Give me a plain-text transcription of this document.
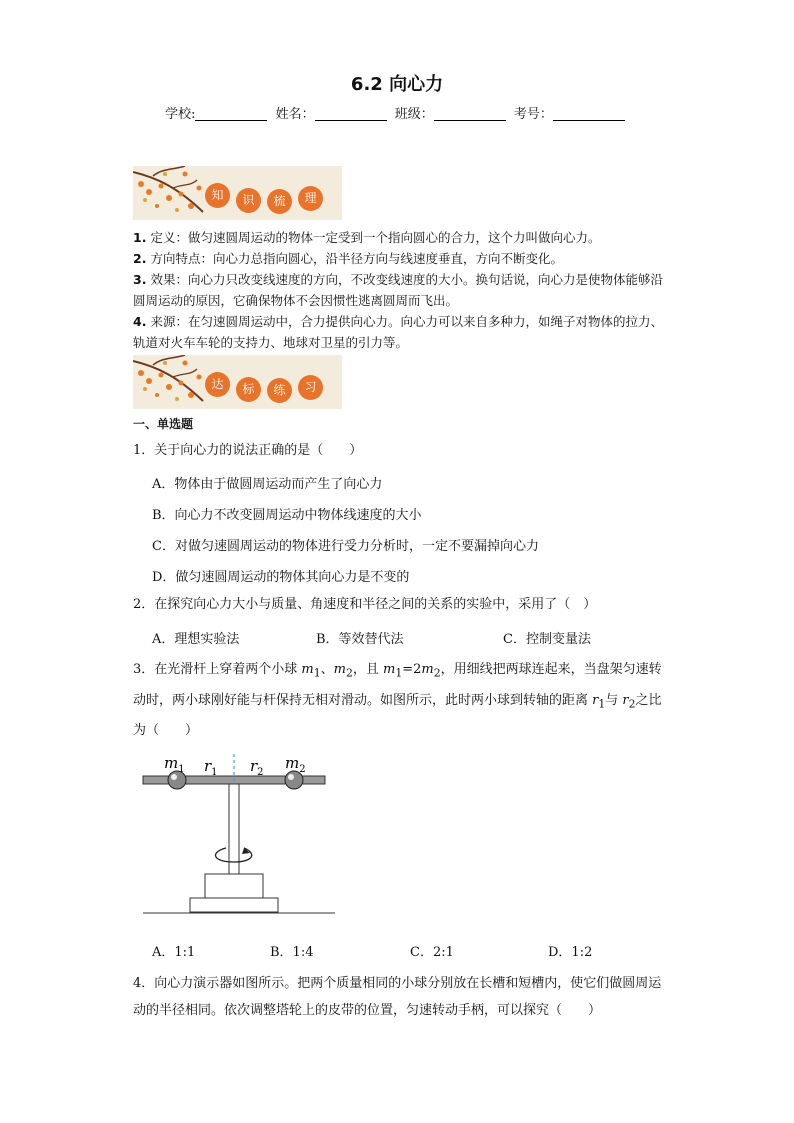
6.2 向心力
学校:	姓名：	班级：	考号：
知	识	梳	理
1. 定义：做匀速圆周运动的物体一定受到一个指向圆心的合力，这个力叫做向心力。
2. 方向特点：向心力总指向圆心，沿半径方向与线速度垂直，方向不断变化。
3. 效果：向心力只改变线速度的方向，不改变线速度的大小。换句话说，向心力是使物体能够沿圆周运动的原因，它确保物体不会因惯性逃离圆周而飞出。
4. 来源：在匀速圆周运动中，合力提供向心力。向心力可以来自多种力，如绳子对物体的拉力、轨道对火车车轮的支持力、地球对卫星的引力等。
达	标	练	习
一、单选题
1．关于向心力的说法正确的是（　　）
A．物体由于做圆周运动而产生了向心力
B．向心力不改变圆周运动中物体线速度的大小
C．对做匀速圆周运动的物体进行受力分析时，一定不要漏掉向心力
D．做匀速圆周运动的物体其向心力是不变的
2．在探究向心力大小与质量、角速度和半径之间的关系的实验中，采用了（　）
A．理想实验法	B．等效替代法	C．控制变量法
3．在光滑杆上穿着两个小球 $m_1$、$m_2$，且 $m_1=2m_2$，用细线把两球连起来，当盘架匀速转动时，两小球刚好能与杆保持无相对滑动。如图所示，此时两小球到转轴的距离 $r_1$与 $r_2$之比为（　　）
$m_1$ $r_1$ $r_2$
$m_2$
A．1:1	B．1:4	C．2:1	D．1:2
4．向心力演示器如图所示。把两个质量相同的小球分别放在长槽和短槽内，使它们做圆周运动的半径相同。依次调整塔轮上的皮带的位置，匀速转动手柄，可以探究（　　）
